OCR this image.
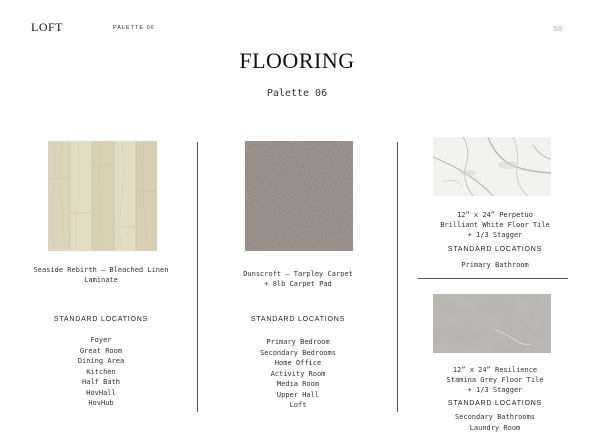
LOFT	PALETTE 06	59
FLOORING
Palette 06
Seaside Rebirth – Bleached Linen
Laminate
STANDARD LOCATIONS
Foyer
Great Room
Dining Area
Kitchen
Half Bath
HovHall
HovHub
Dunscroft – Tarpley Carpet
+ 8lb Carpet Pad
STANDARD LOCATIONS
Primary Bedroom
Secondary Bedrooms
Home Office
Activity Room
Media Room
Upper Hall
Loft
12” x 24” Perpetuo
Brilliant White Floor Tile
+ 1/3 Stagger
STANDARD LOCATIONS
Primary Bathroom
12” x 24” Resilience
Stamina Grey Floor Tile
+ 1/3 Stagger
STANDARD LOCATIONS
Secondary Bathrooms
Laundry Room
